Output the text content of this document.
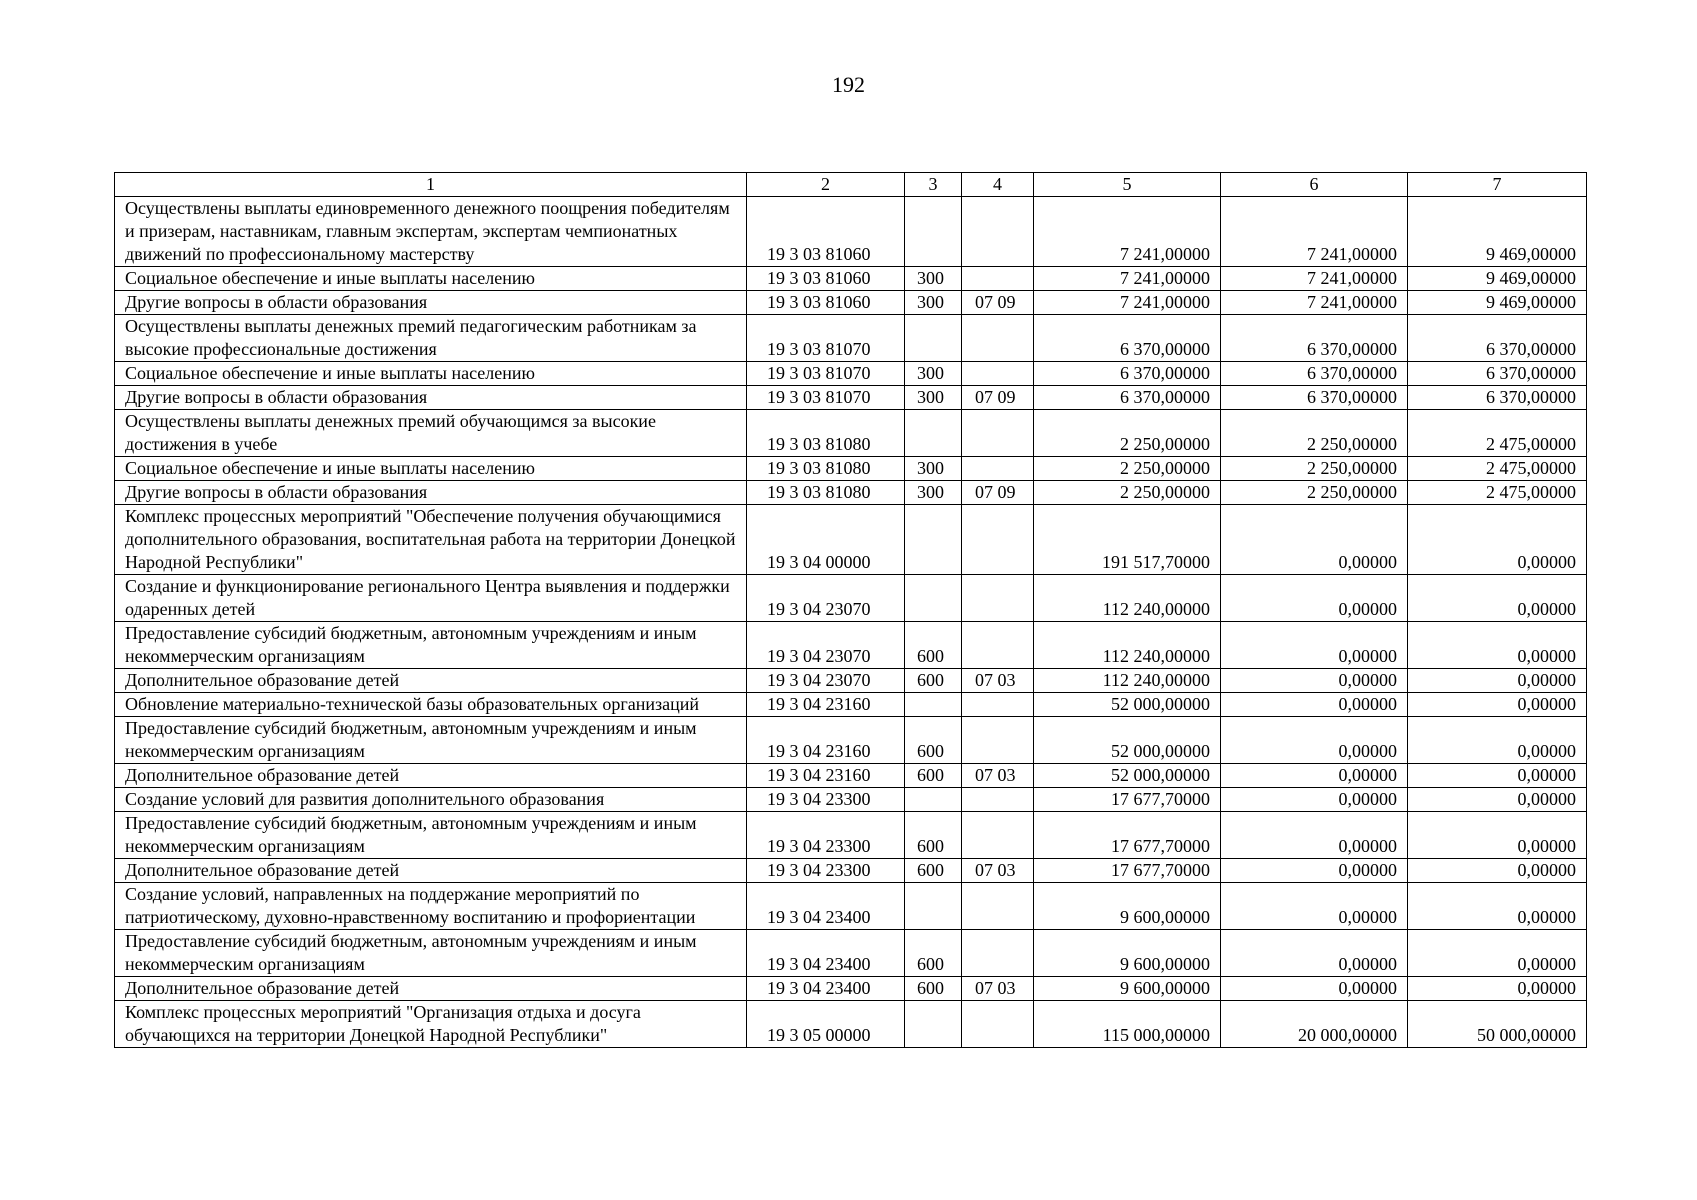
192
1	2	3	4	5	6	7
Осуществлены выплаты единовременного денежного поощрения победителям и призерам, наставникам, главным экспертам, экспертам чемпионатных движений по профессиональному мастерству	19 3 03 81060			7 241,00000	7 241,00000	9 469,00000
Социальное обеспечение и иные выплаты населению	19 3 03 81060	300		7 241,00000	7 241,00000	9 469,00000
Другие вопросы в области образования	19 3 03 81060	300	07 09	7 241,00000	7 241,00000	9 469,00000
Осуществлены выплаты денежных премий педагогическим работникам за высокие профессиональные достижения	19 3 03 81070			6 370,00000	6 370,00000	6 370,00000
Социальное обеспечение и иные выплаты населению	19 3 03 81070	300		6 370,00000	6 370,00000	6 370,00000
Другие вопросы в области образования	19 3 03 81070	300	07 09	6 370,00000	6 370,00000	6 370,00000
Осуществлены выплаты денежных премий обучающимся за высокие достижения в учебе	19 3 03 81080			2 250,00000	2 250,00000	2 475,00000
Социальное обеспечение и иные выплаты населению	19 3 03 81080	300		2 250,00000	2 250,00000	2 475,00000
Другие вопросы в области образования	19 3 03 81080	300	07 09	2 250,00000	2 250,00000	2 475,00000
Комплекс процессных мероприятий "Обеспечение получения обучающимися дополнительного образования, воспитательная работа на территории Донецкой Народной Республики"	19 3 04 00000			191 517,70000	0,00000	0,00000
Создание и функционирование регионального Центра выявления и поддержки одаренных детей	19 3 04 23070			112 240,00000	0,00000	0,00000
Предоставление субсидий бюджетным, автономным учреждениям и иным некоммерческим организациям	19 3 04 23070	600		112 240,00000	0,00000	0,00000
Дополнительное образование детей	19 3 04 23070	600	07 03	112 240,00000	0,00000	0,00000
Обновление материально-технической базы образовательных организаций	19 3 04 23160			52 000,00000	0,00000	0,00000
Предоставление субсидий бюджетным, автономным учреждениям и иным некоммерческим организациям	19 3 04 23160	600		52 000,00000	0,00000	0,00000
Дополнительное образование детей	19 3 04 23160	600	07 03	52 000,00000	0,00000	0,00000
Создание условий для развития дополнительного образования	19 3 04 23300			17 677,70000	0,00000	0,00000
Предоставление субсидий бюджетным, автономным учреждениям и иным некоммерческим организациям	19 3 04 23300	600		17 677,70000	0,00000	0,00000
Дополнительное образование детей	19 3 04 23300	600	07 03	17 677,70000	0,00000	0,00000
Создание условий, направленных на поддержание мероприятий по патриотическому, духовно-нравственному воспитанию и профориентации	19 3 04 23400			9 600,00000	0,00000	0,00000
Предоставление субсидий бюджетным, автономным учреждениям и иным некоммерческим организациям	19 3 04 23400	600		9 600,00000	0,00000	0,00000
Дополнительное образование детей	19 3 04 23400	600	07 03	9 600,00000	0,00000	0,00000
Комплекс процессных мероприятий "Организация отдыха и досуга обучающихся на территории Донецкой Народной Республики"	19 3 05 00000			115 000,00000	20 000,00000	50 000,00000
